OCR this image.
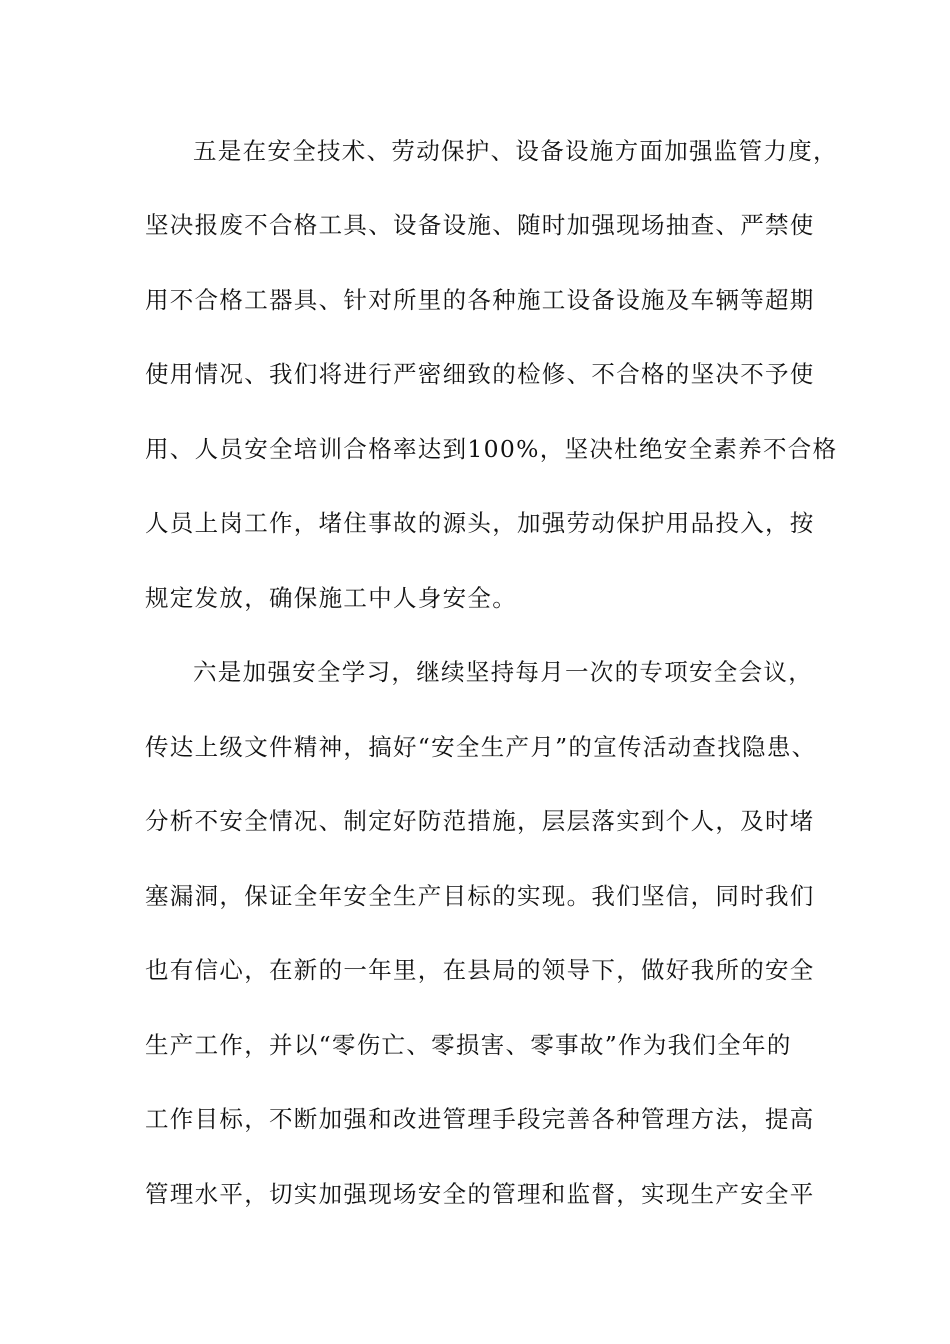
五是在安全技术、劳动保护、设备设施方面加强监管力度，
坚决报废不合格工具、设备设施、随时加强现场抽查、严禁使
用不合格工器具、针对所里的各种施工设备设施及车辆等超期
使用情况、我们将进行严密细致的检修、不合格的坚决不予使
用、人员安全培训合格率达到100%，坚决杜绝安全素养不合格
人员上岗工作，堵住事故的源头，加强劳动保护用品投入，按
规定发放，确保施工中人身安全。
六是加强安全学习，继续坚持每月一次的专项安全会议，
传达上级文件精神，搞好“安全生产月”的宣传活动查找隐患、
分析不安全情况、制定好防范措施，层层落实到个人，及时堵
塞漏洞，保证全年安全生产目标的实现。我们坚信，同时我们
也有信心，在新的一年里，在县局的领导下，做好我所的安全
生产工作，并以“零伤亡、零损害、零事故”作为我们全年的
工作目标，不断加强和改进管理手段完善各种管理方法，提高
管理水平，切实加强现场安全的管理和监督，实现生产安全平
